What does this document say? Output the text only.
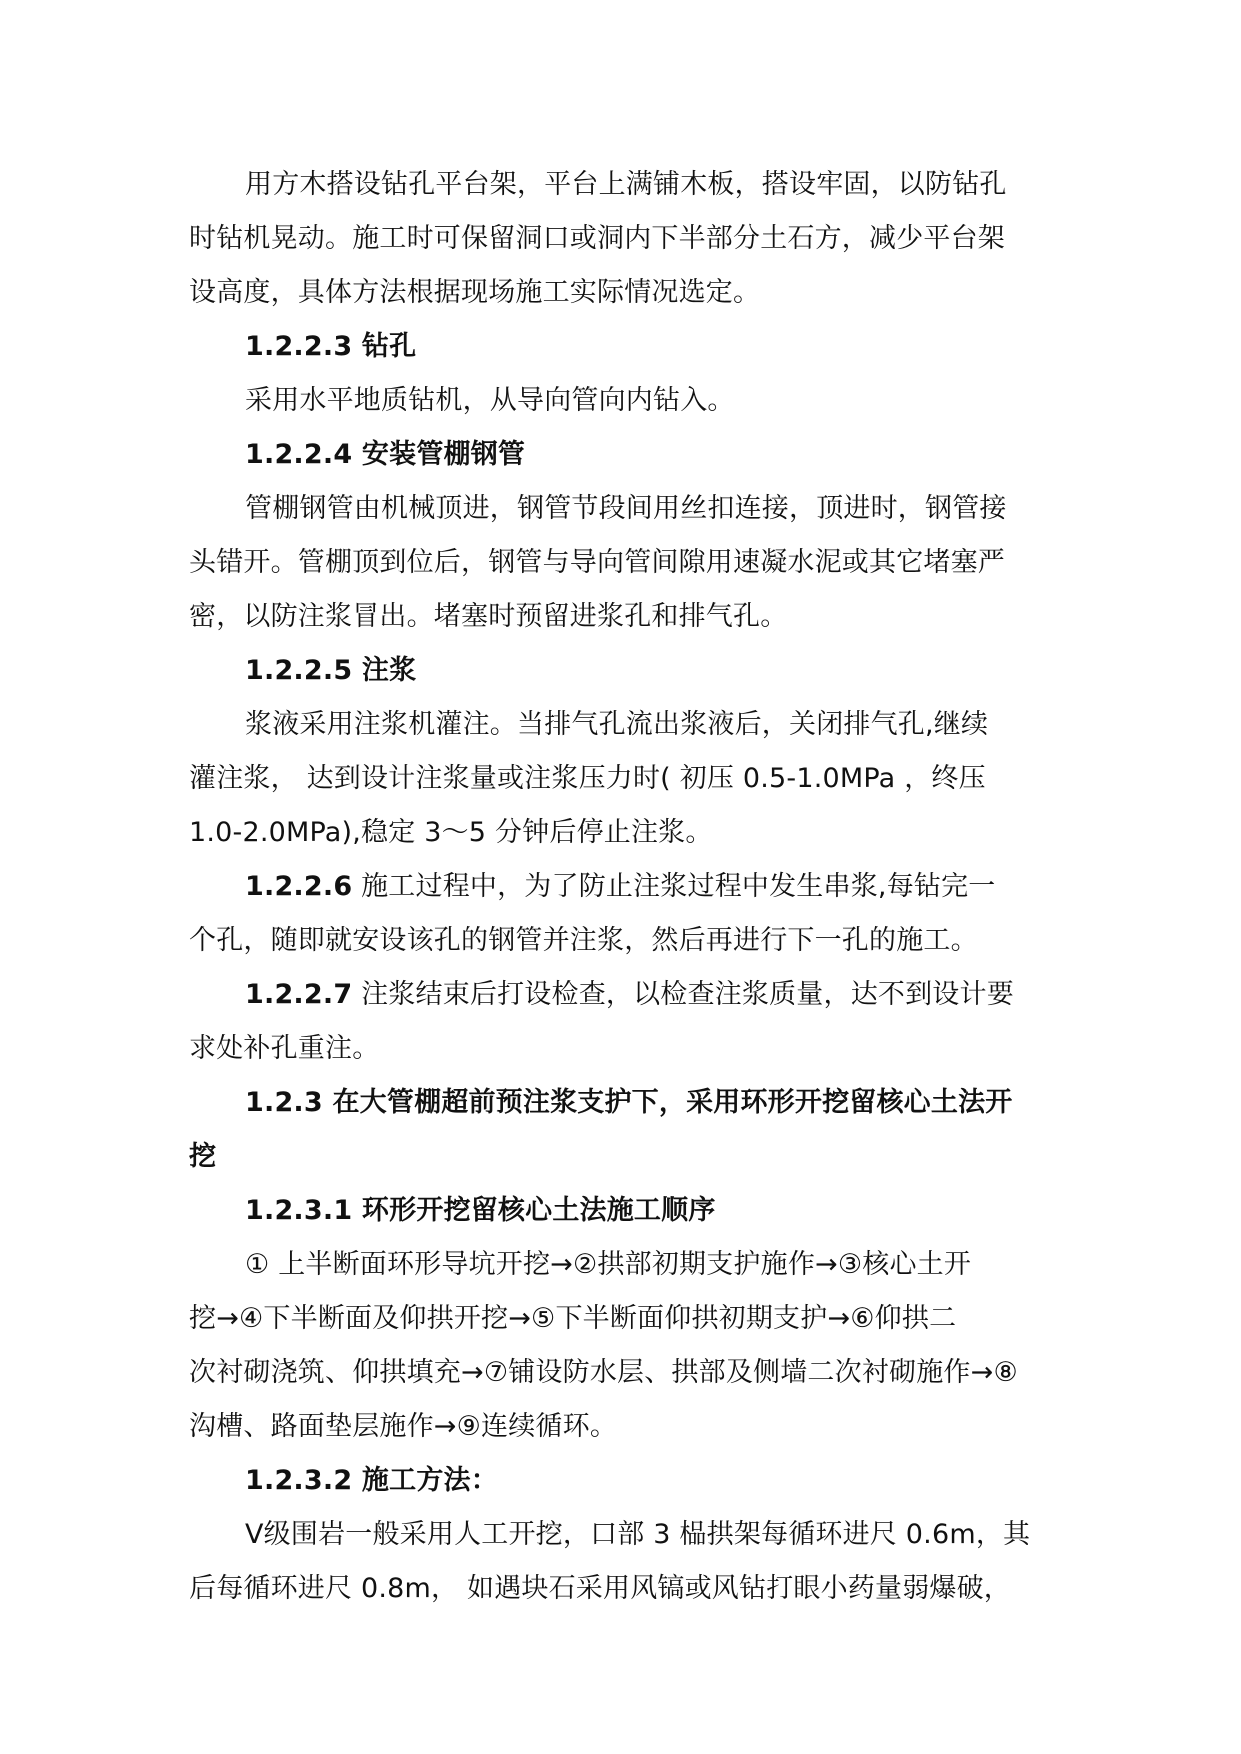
用方木搭设钻孔平台架，平台上满铺木板，搭设牢固，以防钻孔

时钻机晃动。施工时可保留洞口或洞内下半部分土石方，减少平台架

设高度，具体方法根据现场施工实际情况选定。

1.2.2.3 钻孔

采用水平地质钻机，从导向管向内钻入。

1.2.2.4 安装管棚钢管

管棚钢管由机械顶进，钢管节段间用丝扣连接，顶进时，钢管接

头错开。管棚顶到位后，钢管与导向管间隙用速凝水泥或其它堵塞严

密，以防注浆冒出。堵塞时预留进浆孔和排气孔。

1.2.2.5 注浆

浆液采用注浆机灌注。当排气孔流出浆液后，关闭排气孔,继续

灌注浆， 达到设计注浆量或注浆压力时( 初压 0.5-1.0MPa ，终压

1.0-2.0MPa),稳定 3～5 分钟后停止注浆。

1.2.2.6 施工过程中，为了防止注浆过程中发生串浆,每钻完一

个孔，随即就安设该孔的钢管并注浆，然后再进行下一孔的施工。

1.2.2.7 注浆结束后打设检查，以检查注浆质量，达不到设计要

求处补孔重注。

1.2.3 在大管棚超前预注浆支护下，采用环形开挖留核心土法开

挖

1.2.3.1 环形开挖留核心土法施工顺序

① 上半断面环形导坑开挖→②拱部初期支护施作→③核心土开

挖→④下半断面及仰拱开挖→⑤下半断面仰拱初期支护→⑥仰拱二

次衬砌浇筑、仰拱填充→⑦铺设防水层、拱部及侧墙二次衬砌施作→⑧

沟槽、路面垫层施作→⑨连续循环。

1.2.3.2 施工方法：

Ⅴ级围岩一般采用人工开挖，口部 3 榀拱架每循环进尺 0.6m，其

后每循环进尺 0.8m， 如遇块石采用风镐或风钻打眼小药量弱爆破，
